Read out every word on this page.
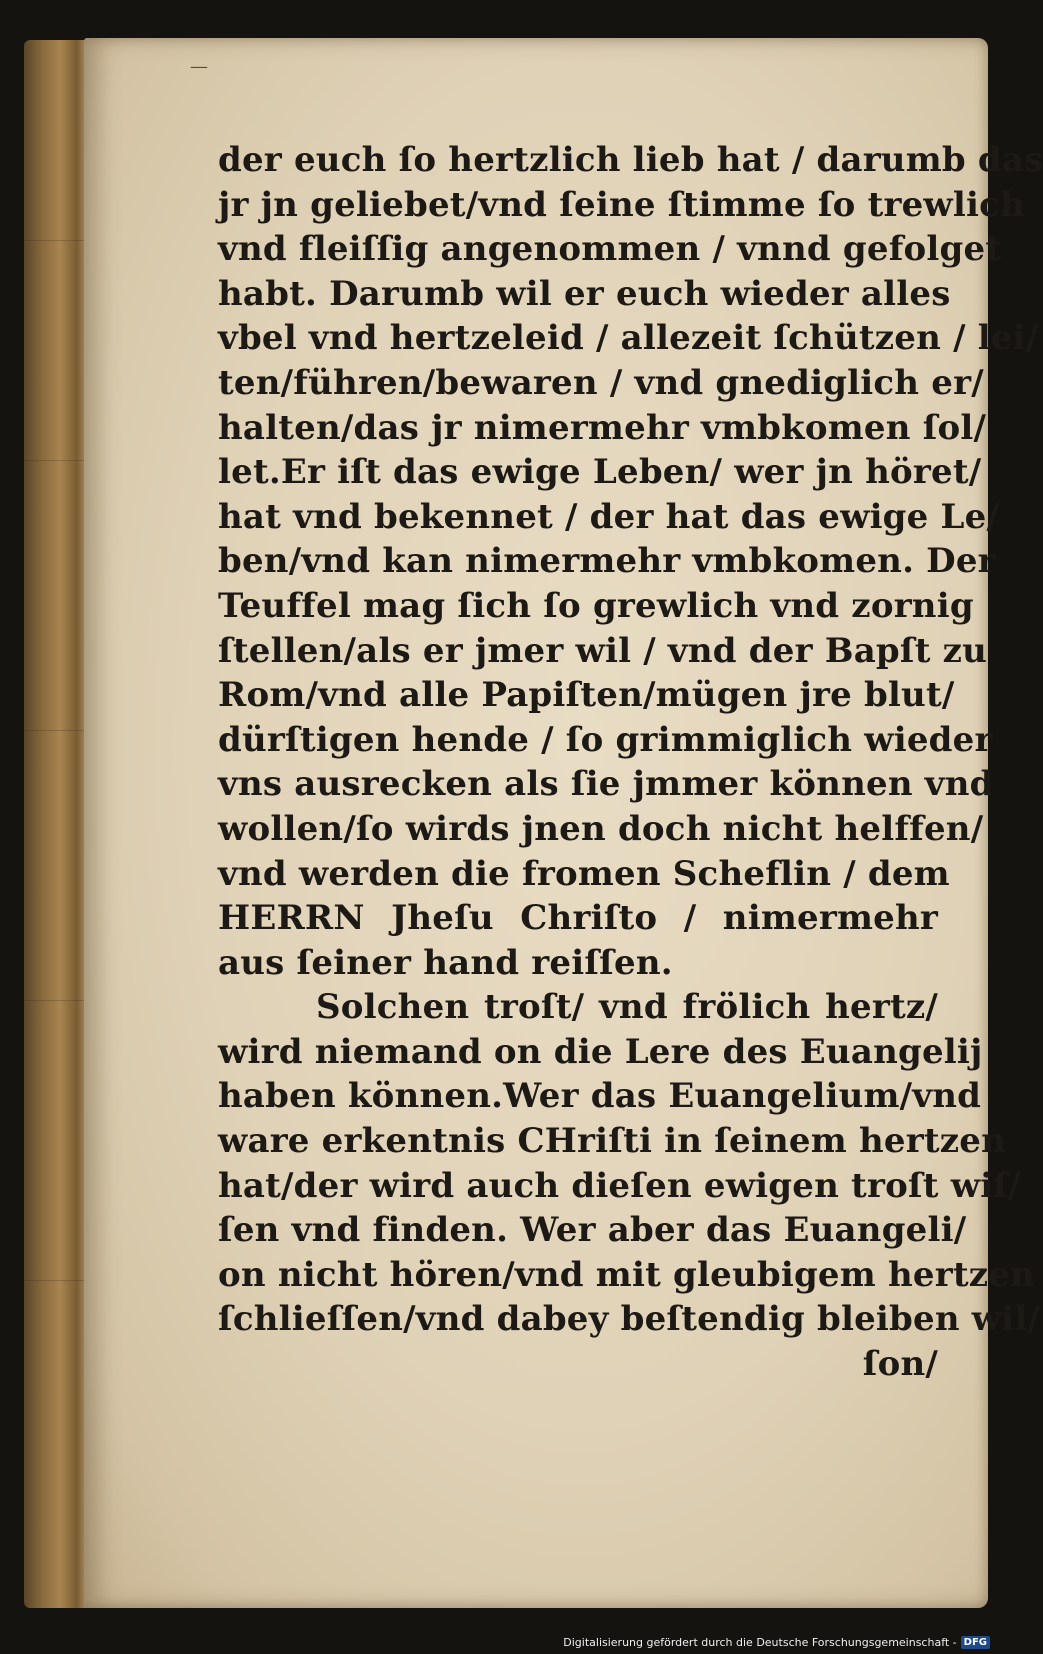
—
der euch ſo hertzlich lieb hat / darumb das
jr jn geliebet/vnd ſeine ſtimme ſo trewlich
vnd fleiſſig angenommen / vnnd gefolget
habt. Darumb wil er euch wieder alles
vbel vnd hertzeleid / allezeit ſchützen / lei/
ten/führen/bewaren / vnd gnediglich er/
halten/das jr nimermehr vmbkomen ſol/
let.Er iſt das ewige Leben/ wer jn höret/
hat vnd bekennet / der hat das ewige Le/
ben/vnd kan nimermehr vmbkomen. Der
Teuffel mag ſich ſo grewlich vnd zornig
ſtellen/als er jmer wil / vnd der Bapſt zu
Rom/vnd alle Papiſten/mügen jre blut/
dürſtigen hende / ſo grimmiglich wieder
vns ausrecken als ſie jmmer können vnd
wollen/ſo wirds jnen doch nicht helffen/
vnd werden die fromen Scheflin / dem
HERRN Jheſu Chriſto / nimermehr
aus ſeiner hand reiſſen.
Solchen troſt/ vnd frölich hertz/
wird niemand on die Lere des Euangelij
haben können.Wer das Euangelium/vnd
ware erkentnis CHriſti in ſeinem hertzen
hat/der wird auch dieſen ewigen troſt wiſ/
ſen vnd finden. Wer aber das Euangeli/
on nicht hören/vnd mit gleubigem hertzen
ſchlieſſen/vnd dabey beſtendig bleiben wil/
ſon/
Digitalisierung gefördert durch die Deutsche Forschungsgemeinschaft - DFG
